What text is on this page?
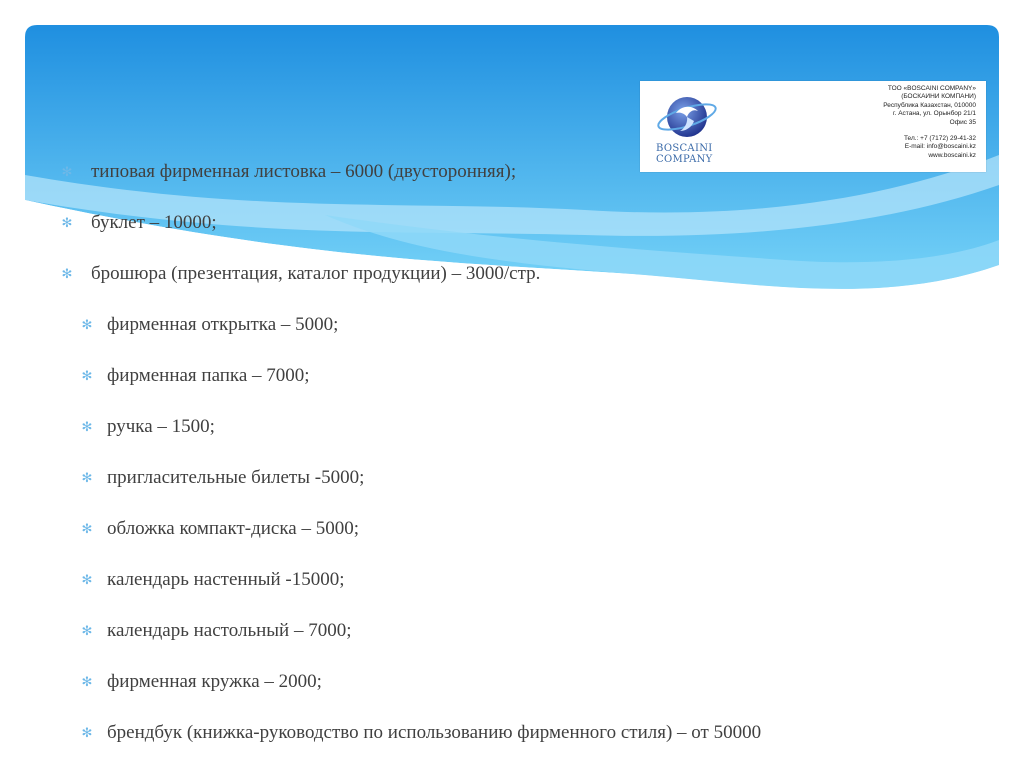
BOSCAINI
COMPANY
ТОО «BOSCAINI COMPANY»
(БОСКАИНИ КОМПАНИ)
Республика Казахстан, 010000
г. Астана, ул. Орынбор 21/1
Офис 35
Тел.: +7 (7172) 29-41-32
E-mail: info@boscaini.kz
www.boscaini.kz
✻ типовая фирменная листовка – 6000 (двусторонняя);
✻ буклет – 10000;
✻ брошюра (презентация, каталог продукции) – 3000/стр.
✻ фирменная открытка – 5000;
✻ фирменная папка – 7000;
✻ ручка – 1500;
✻ пригласительные билеты -5000;
✻ обложка компакт-диска – 5000;
✻ календарь настенный -15000;
✻ календарь настольный – 7000;
✻ фирменная кружка – 2000;
✻ брендбук (книжка-руководство по использованию фирменного стиля) – от 50000
